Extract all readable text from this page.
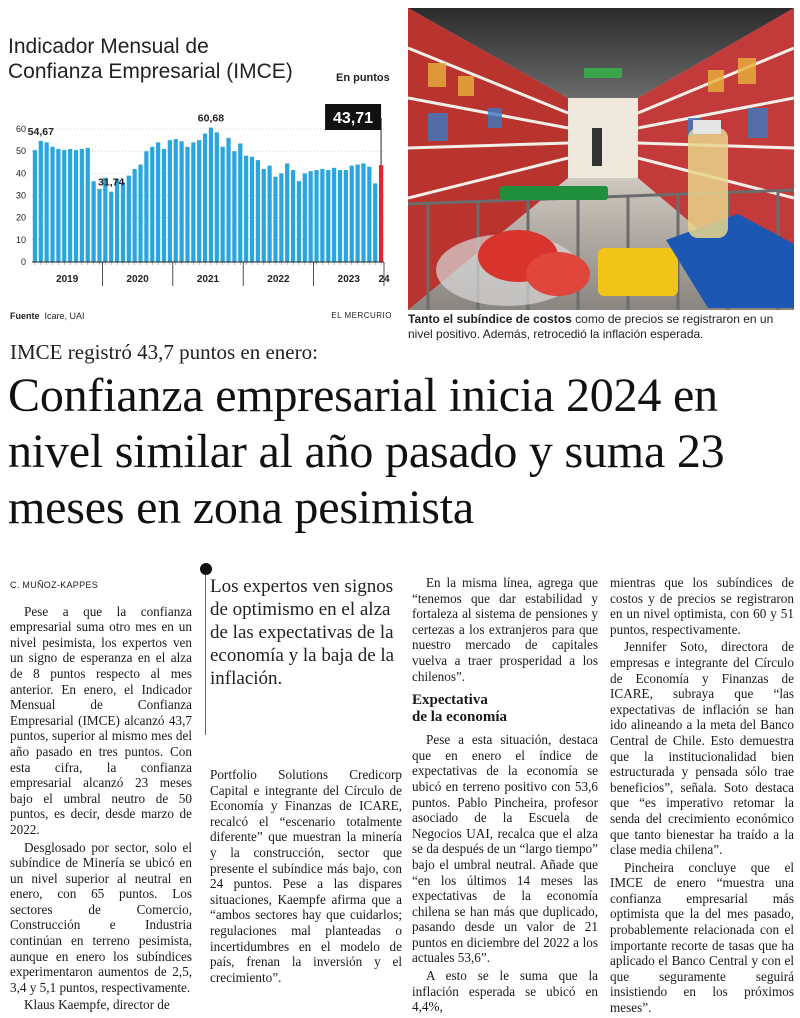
Indicador Mensual de
Confianza Empresarial (IMCE)	En puntos
0
10
20
30
40
50
60
2019	2020	2021	2022	2023 24
54,67
31,74
60,68	43,71
Fuente Icare, UAI	EL MERCURIO Tanto el subíndice de costos como de precios se registraron en un nivel positivo. Además, retrocedió la inflación esperada.
IMCE registró 43,7 puntos en enero:
Confianza empresarial inicia 2024 en nivel similar al año pasado y suma 23 meses en zona pesimista
C. MUÑOZ-KAPPES

Pese a que la confianza empresarial suma otro mes en un nivel pesimista, los expertos ven un signo de esperanza en el alza de 8 puntos respecto al mes anterior. En enero, el Indicador Mensual de Confianza Empresarial (IMCE) alcanzó 43,7 puntos, superior al mismo mes del año pasado en tres puntos. Con esta cifra, la confianza empresarial alcanzó 23 meses bajo el umbral neutro de 50 puntos, es decir, desde marzo de 2022.

Desglosado por sector, solo el subíndice de Minería se ubicó en un nivel superior al neutral en enero, con 65 puntos. Los sectores de Comercio, Construcción e Industria continúan en terreno pesimista, aunque en enero los subíndices experimentaron aumentos de 2,5, 3,4 y 5,1 puntos, respectivamente.

Klaus Kaempfe, director de

Los expertos ven signos de optimismo en el alza de las expectativas de la economía y la baja de la inflación.

Portfolio Solutions Credicorp Capital e integrante del Círculo de Economía y Finanzas de ICARE, recalcó el “escenario totalmente diferente” que muestran la minería y la construcción, sector que presente el subíndice más bajo, con 24 puntos. Pese a las dispares situaciones, Kaempfe afirma que a “ambos sectores hay que cuidarlos; regulaciones mal planteadas o incertidumbres en el modelo de país, frenan la inversión y el crecimiento”.

En la misma línea, agrega que “tenemos que dar estabilidad y fortaleza al sistema de pensiones y certezas a los extranjeros para que nuestro mercado de capitales vuelva a traer prosperidad a los chilenos”.

Expectativa
de la economía

Pese a esta situación, destaca que en enero el índice de expectativas de la economía se ubicó en terreno positivo con 53,6 puntos. Pablo Pincheira, profesor asociado de la Escuela de Negocios UAI, recalca que el alza se da después de un “largo tiempo” bajo el umbral neutral. Añade que “en los últimos 14 meses las expectativas de la economía chilena se han más que duplicado, pasando desde un valor de 21 puntos en diciembre del 2022 a los actuales 53,6”.

A esto se le suma que la inflación esperada se ubicó en 4,4%,

mientras que los subíndices de costos y de precios se registraron en un nivel optimista, con 60 y 51 puntos, respectivamente.

Jennifer Soto, directora de empresas e integrante del Círculo de Economía y Finanzas de ICARE, subraya que “las expectativas de inflación se han ido alineando a la meta del Banco Central de Chile. Esto demuestra que la institucionalidad bien estructurada y pensada sólo trae beneficios”, señala. Soto destaca que “es imperativo retomar la senda del crecimiento económico que tanto bienestar ha traído a la clase media chilena”.

Pincheira concluye que el IMCE de enero “muestra una confianza empresarial más optimista que la del mes pasado, probablemente relacionada con el importante recorte de tasas que ha aplicado el Banco Central y con el que seguramente seguirá insistiendo en los próximos meses”.
